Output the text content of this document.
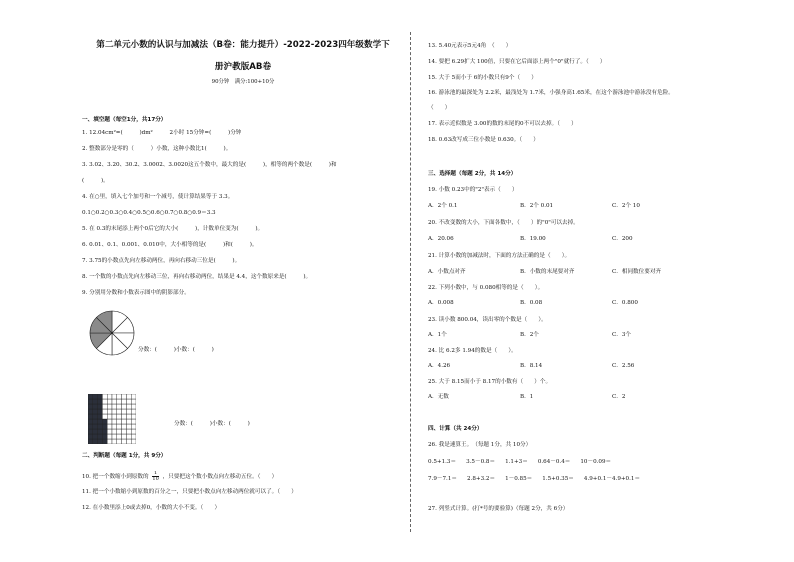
第二单元小数的认识与加减法（B卷：能力提升）-2022-2023四年级数学下
册沪教版AB卷
90分钟　满分:100+10分
一、填空题（每空1分，共17分）
1. 12.04cm²=(　　　)dm²　　　2小时 15分钟=(　　　)分钟
2. 整数部分是零的（　　　）小数，这种小数比1(　　　)。
3. 3.02、3.20、30.2、3.0002、3.0020这五个数中，最大的是(　　　)，相等的两个数是(　　　)和
(　　　)。
4. 在○里，填入七个加号和一个减号，使计算结果等于 3.3。
0.1○0.2○0.3○0.4○0.5○0.6○0.7○0.8○0.9＝3.3
5. 在 0.3的末尾添上两个0后它的大小(　　　)，计数单位变为(　　　)。
6. 0.01、0.1、0.001、0.010中，大小相等的是(　　　)和(　　　)。
7. 3.75的小数点先向左移动两位，再向右移动三位是(　　　)。
8. 一个数的小数点先向左移动三位，再向右移动两位，结果是 4.4，这个数原来是(　　　)。
9. 分别用分数和小数表示图中的阴影部分。
分数：(　　　)小数：(　　　)
分数：(　　　)小数：(　　　)
二、判断题（每题 1分，共 9分）
10. 把一个数缩小到原数的 $\frac{1}{10}$ ，只要把这个数小数点向左移动五位。（　　）
11. 把一个小数缩小到原数的百分之一，只要把小数点向左移动两位就可以了。（　　）
12. 在小数里添上0或去掉0，小数的大小不变。（　　）
13. 5.40元表示5元4角　（　　）
14. 要把 6.29扩大 100倍，只要在它后面添上两个"0"就行了。（　　）
15. 大于 5而小于 6的小数只有9个（　　）
16. 游泳池的最深处为 2.2米，最浅处为 1.7米，小强身高1.65米，在这个游泳池中游泳没有危险。
（　　）
17. 表示近似数是 3.00的数的末尾的0不可以去掉。（　　）
18. 0.63改写成三位小数是 0.630。（　　）
三、选择题（每题 2分，共 14分）
19. 小数 0.23中的"2"表示（　　）
A．2个 0.1	B．2个 0.01	C．2个 10
20. 不改变数的大小，下面各数中，（　　）的"0"可以去掉。
A．20.06	B．19.00	C．200
21. 计算小数的加减法时，下面的方法正确的是（　　）。
A．小数点对齐	B．小数的末尾要对齐	C．相同数位要对齐
22. 下列小数中，与 0.080相等的是（　　）。
A．0.008	B．0.08	C．0.800
23. 读小数 800.04，读出零的个数是（　　）。
A．1个	B．2个	C．3个
24. 比 6.2多 1.94的数是（　　）。
A．4.26	B．8.14	C．2.56
25. 大于 8.15而小于 8.17的小数有（　　）个。
A．无数	B．1	C．2
四、计算（共 24分）
26. 我是速算王。　（每题 1分，共 10分）
0.5+1.3＝ 3.5－0.8＝ 1.1+3＝ 0.64－0.4＝ 10－0.09＝
7.9－7.1＝ 2.8+3.2＝ 1－0.85＝ 1.5+0.35＝ 4.9+0.1－4.9+0.1＝
27. 列竖式计算。(打*号的要验算)（每题 2分，共 6分）
